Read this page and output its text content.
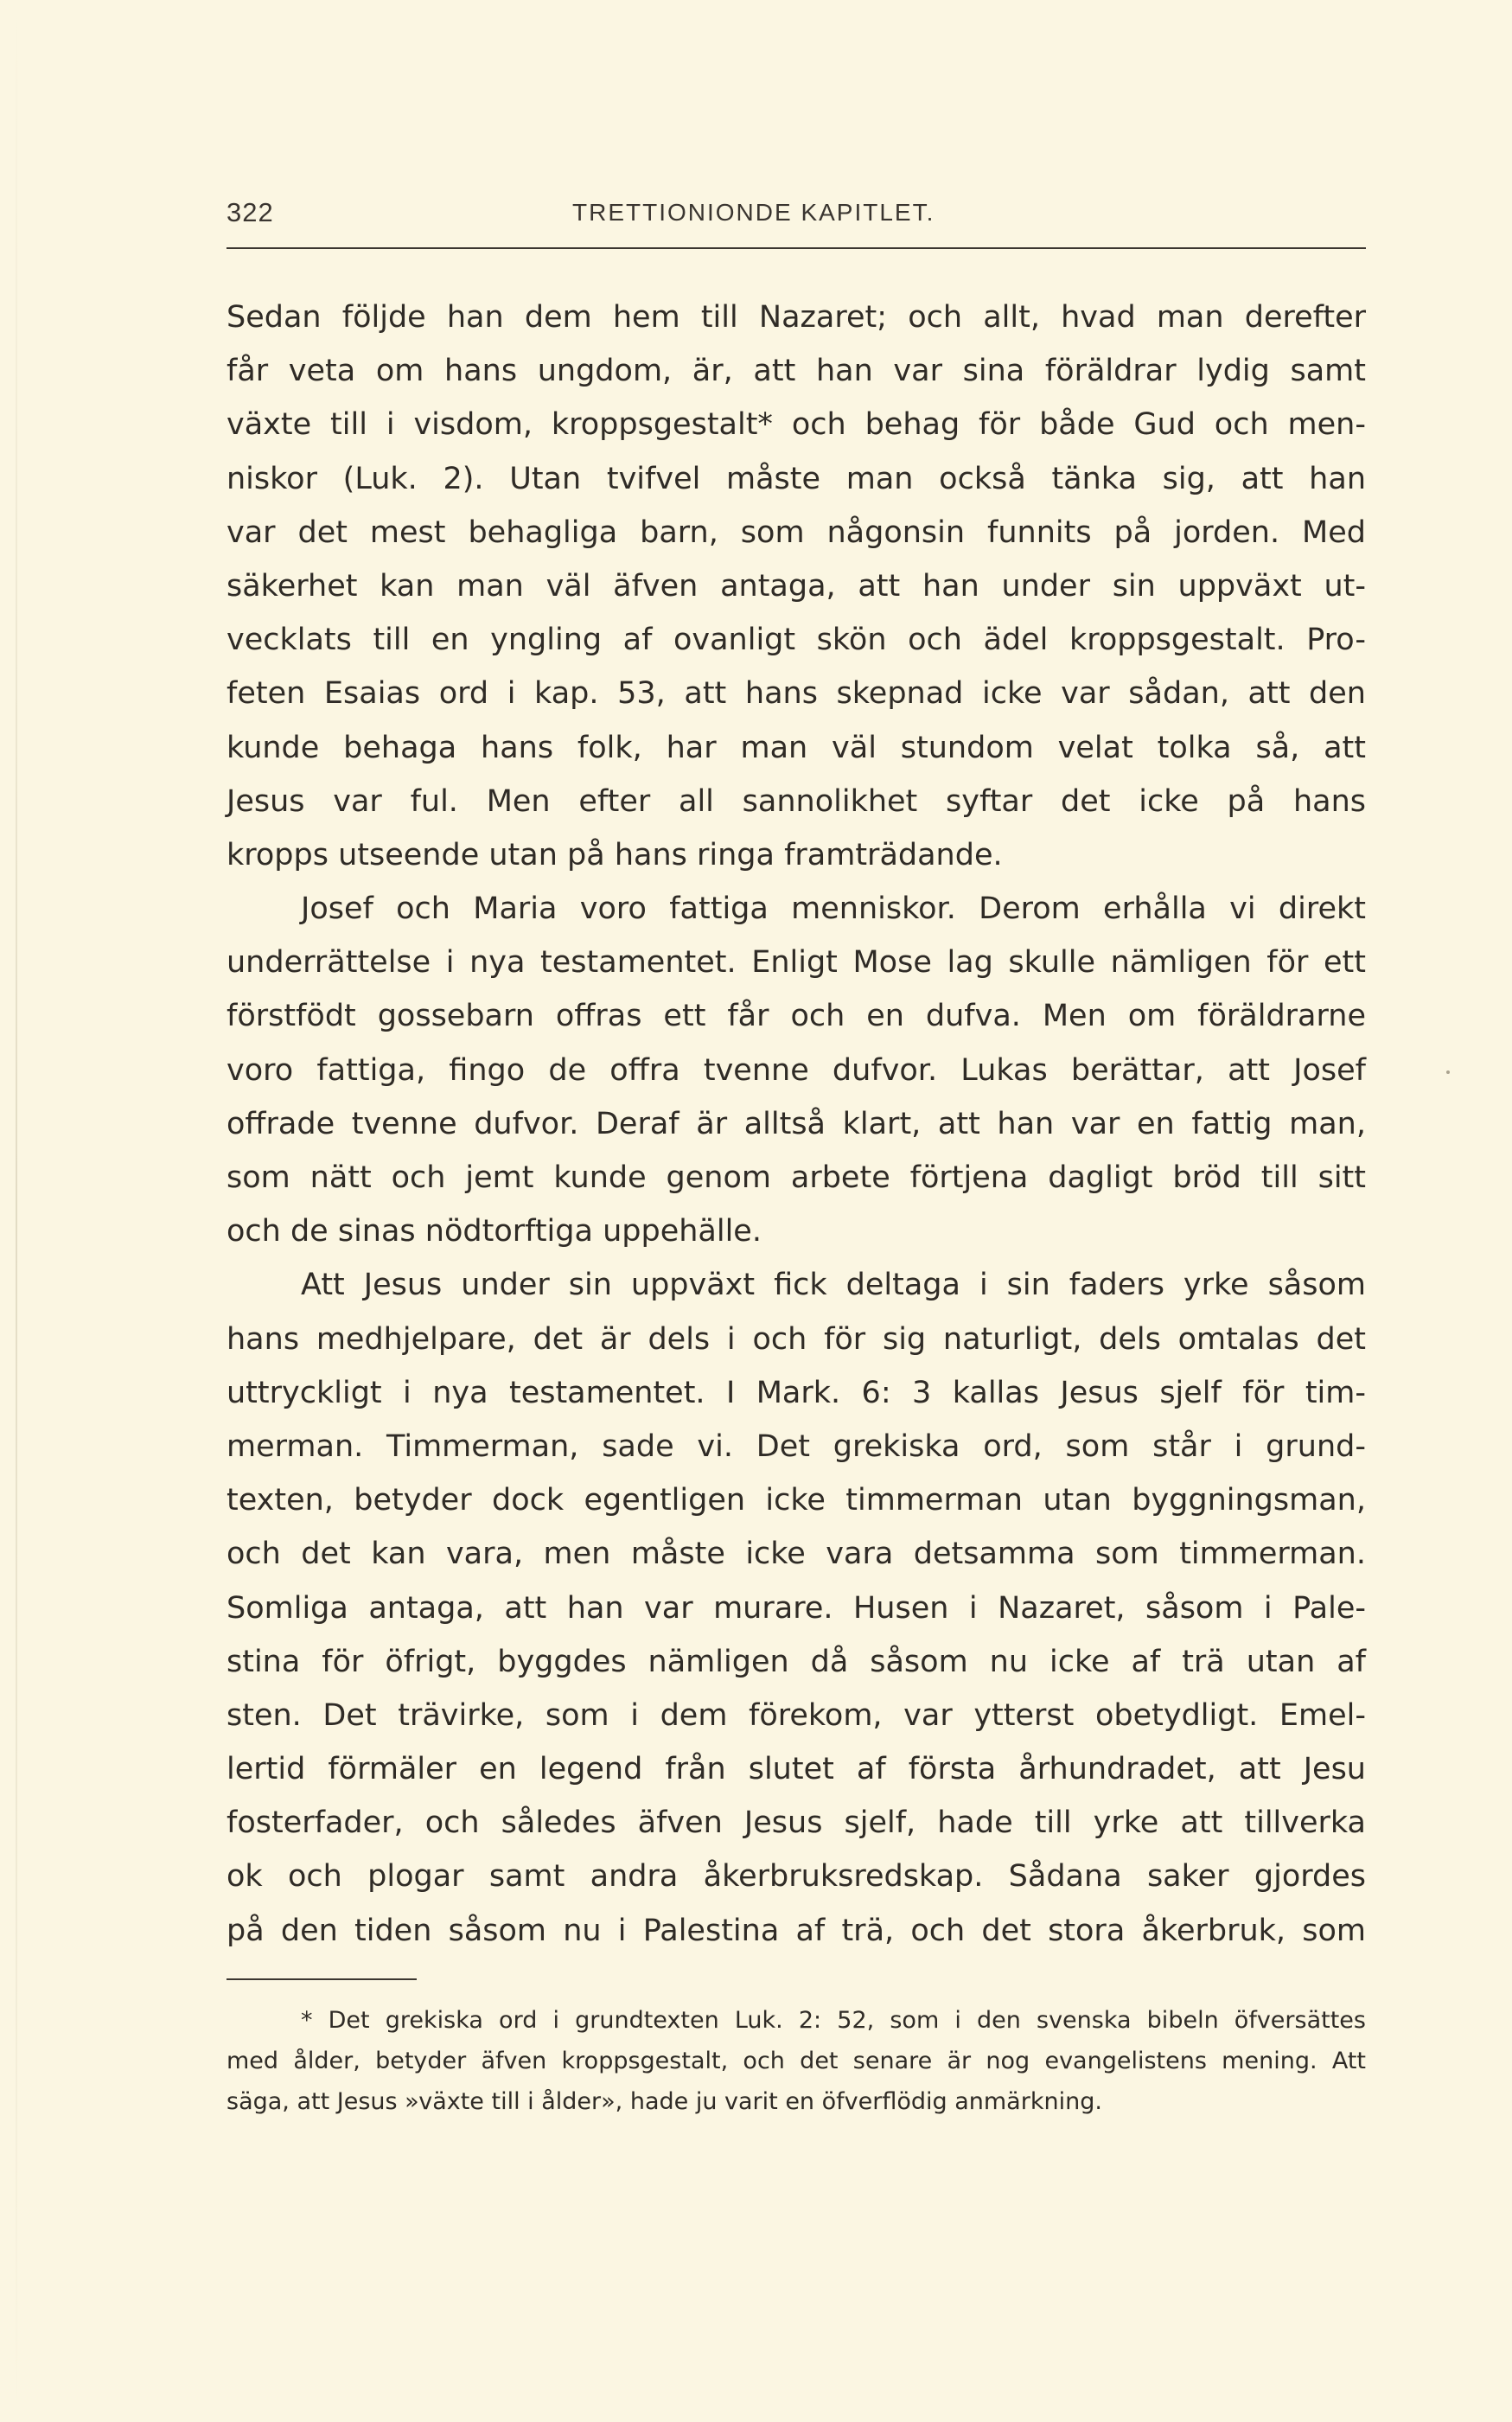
322	TRETTIONIONDE KAPITLET.
Sedan följde han dem hem till Nazaret; och allt, hvad man derefter
får veta om hans ungdom, är, att han var sina föräldrar lydig samt
växte till i visdom, kroppsgestalt* och behag för både Gud och men-
niskor (Luk. 2). Utan tvifvel måste man också tänka sig, att han
var det mest behagliga barn, som någonsin funnits på jorden. Med
säkerhet kan man väl äfven antaga, att han under sin uppväxt ut-
vecklats till en yngling af ovanligt skön och ädel kroppsgestalt. Pro-
feten Esaias ord i kap. 53, att hans skepnad icke var sådan, att den
kunde behaga hans folk, har man väl stundom velat tolka så, att
Jesus var ful. Men efter all sannolikhet syftar det icke på hans
kropps utseende utan på hans ringa framträdande.
Josef och Maria voro fattiga menniskor. Derom erhålla vi direkt
underrättelse i nya testamentet. Enligt Mose lag skulle nämligen för ett
förstfödt gossebarn offras ett får och en dufva. Men om föräldrarne
voro fattiga, fingo de offra tvenne dufvor. Lukas berättar, att Josef
offrade tvenne dufvor. Deraf är alltså klart, att han var en fattig man,
som nätt och jemt kunde genom arbete förtjena dagligt bröd till sitt
och de sinas nödtorftiga uppehälle.
Att Jesus under sin uppväxt fick deltaga i sin faders yrke såsom
hans medhjelpare, det är dels i och för sig naturligt, dels omtalas det
uttryckligt i nya testamentet. I Mark. 6: 3 kallas Jesus sjelf för tim-
merman. Timmerman, sade vi. Det grekiska ord, som står i grund-
texten, betyder dock egentligen icke timmerman utan byggningsman,
och det kan vara, men måste icke vara detsamma som timmerman.
Somliga antaga, att han var murare. Husen i Nazaret, såsom i Pale-
stina för öfrigt, byggdes nämligen då såsom nu icke af trä utan af
sten. Det trävirke, som i dem förekom, var ytterst obetydligt. Emel-
lertid förmäler en legend från slutet af första århundradet, att Jesu
fosterfader, och således äfven Jesus sjelf, hade till yrke att tillverka
ok och plogar samt andra åkerbruksredskap. Sådana saker gjordes
på den tiden såsom nu i Palestina af trä, och det stora åkerbruk, som
* Det grekiska ord i grundtexten Luk. 2: 52, som i den svenska bibeln öfversättes
med ålder, betyder äfven kroppsgestalt, och det senare är nog evangelistens mening. Att
säga, att Jesus »växte till i ålder», hade ju varit en öfverflödig anmärkning.
